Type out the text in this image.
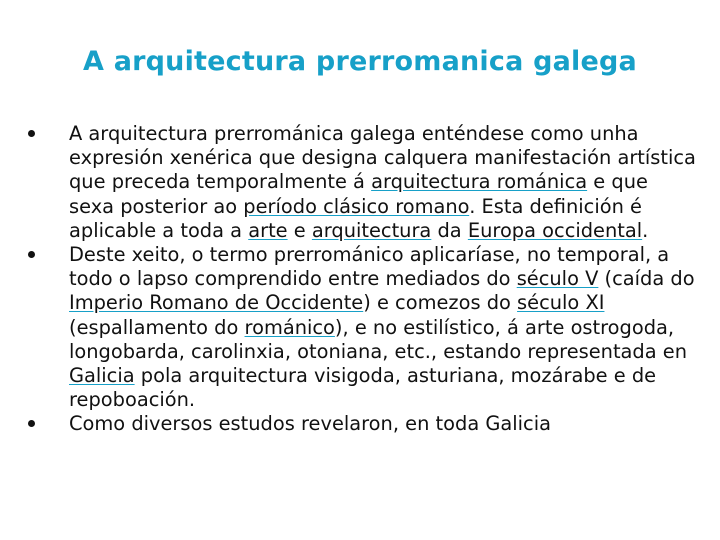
A arquitectura prerromanica galega
A arquitectura prerrománica galega enténdese como unha expresión xenérica que designa calquera manifestación artística que preceda temporalmente á arquitectura románica e que sexa posterior ao período clásico romano. Esta definición é aplicable a toda a arte e arquitectura da Europa occidental.
Deste xeito, o termo prerrománico aplicaríase, no temporal, a todo o lapso comprendido entre mediados do século V (caída do Imperio Romano de Occidente) e comezos do século XI (espallamento do románico), e no estilístico, á arte ostrogoda, longobarda, carolinxia, otoniana, etc., estando representada en Galicia pola arquitectura visigoda, asturiana, mozárabe e de repoboación.
Como diversos estudos revelaron, en toda Galicia
